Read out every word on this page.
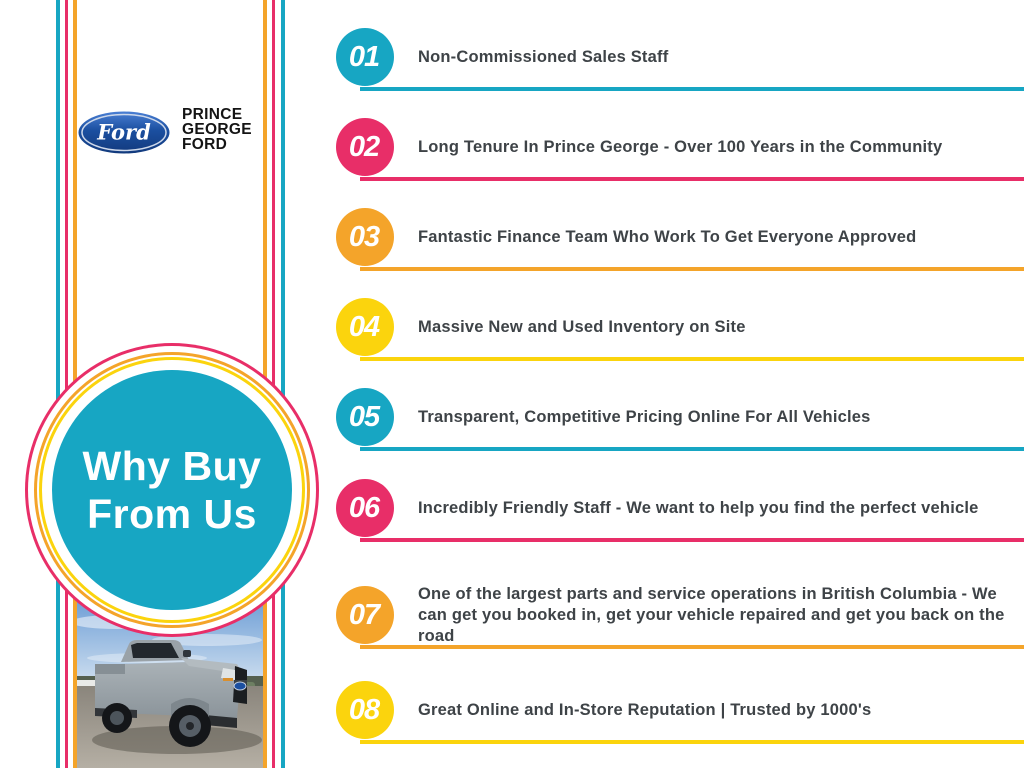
Ford
PRINCE
GEORGE
FORD
Why Buy
From Us
01 Non-Commissioned Sales Staff
02 Long Tenure In Prince George - Over 100 Years in the Community
03 Fantastic Finance Team Who Work To Get Everyone Approved
04 Massive New and Used Inventory on Site
05 Transparent, Competitive Pricing Online For All Vehicles
06 Incredibly Friendly Staff - We want to help you find the perfect vehicle
07
One of the largest parts and service operations in British Columbia - We can get you booked in, get your vehicle repaired and get you back on the road
08 Great Online and In-Store Reputation | Trusted by 1000's
